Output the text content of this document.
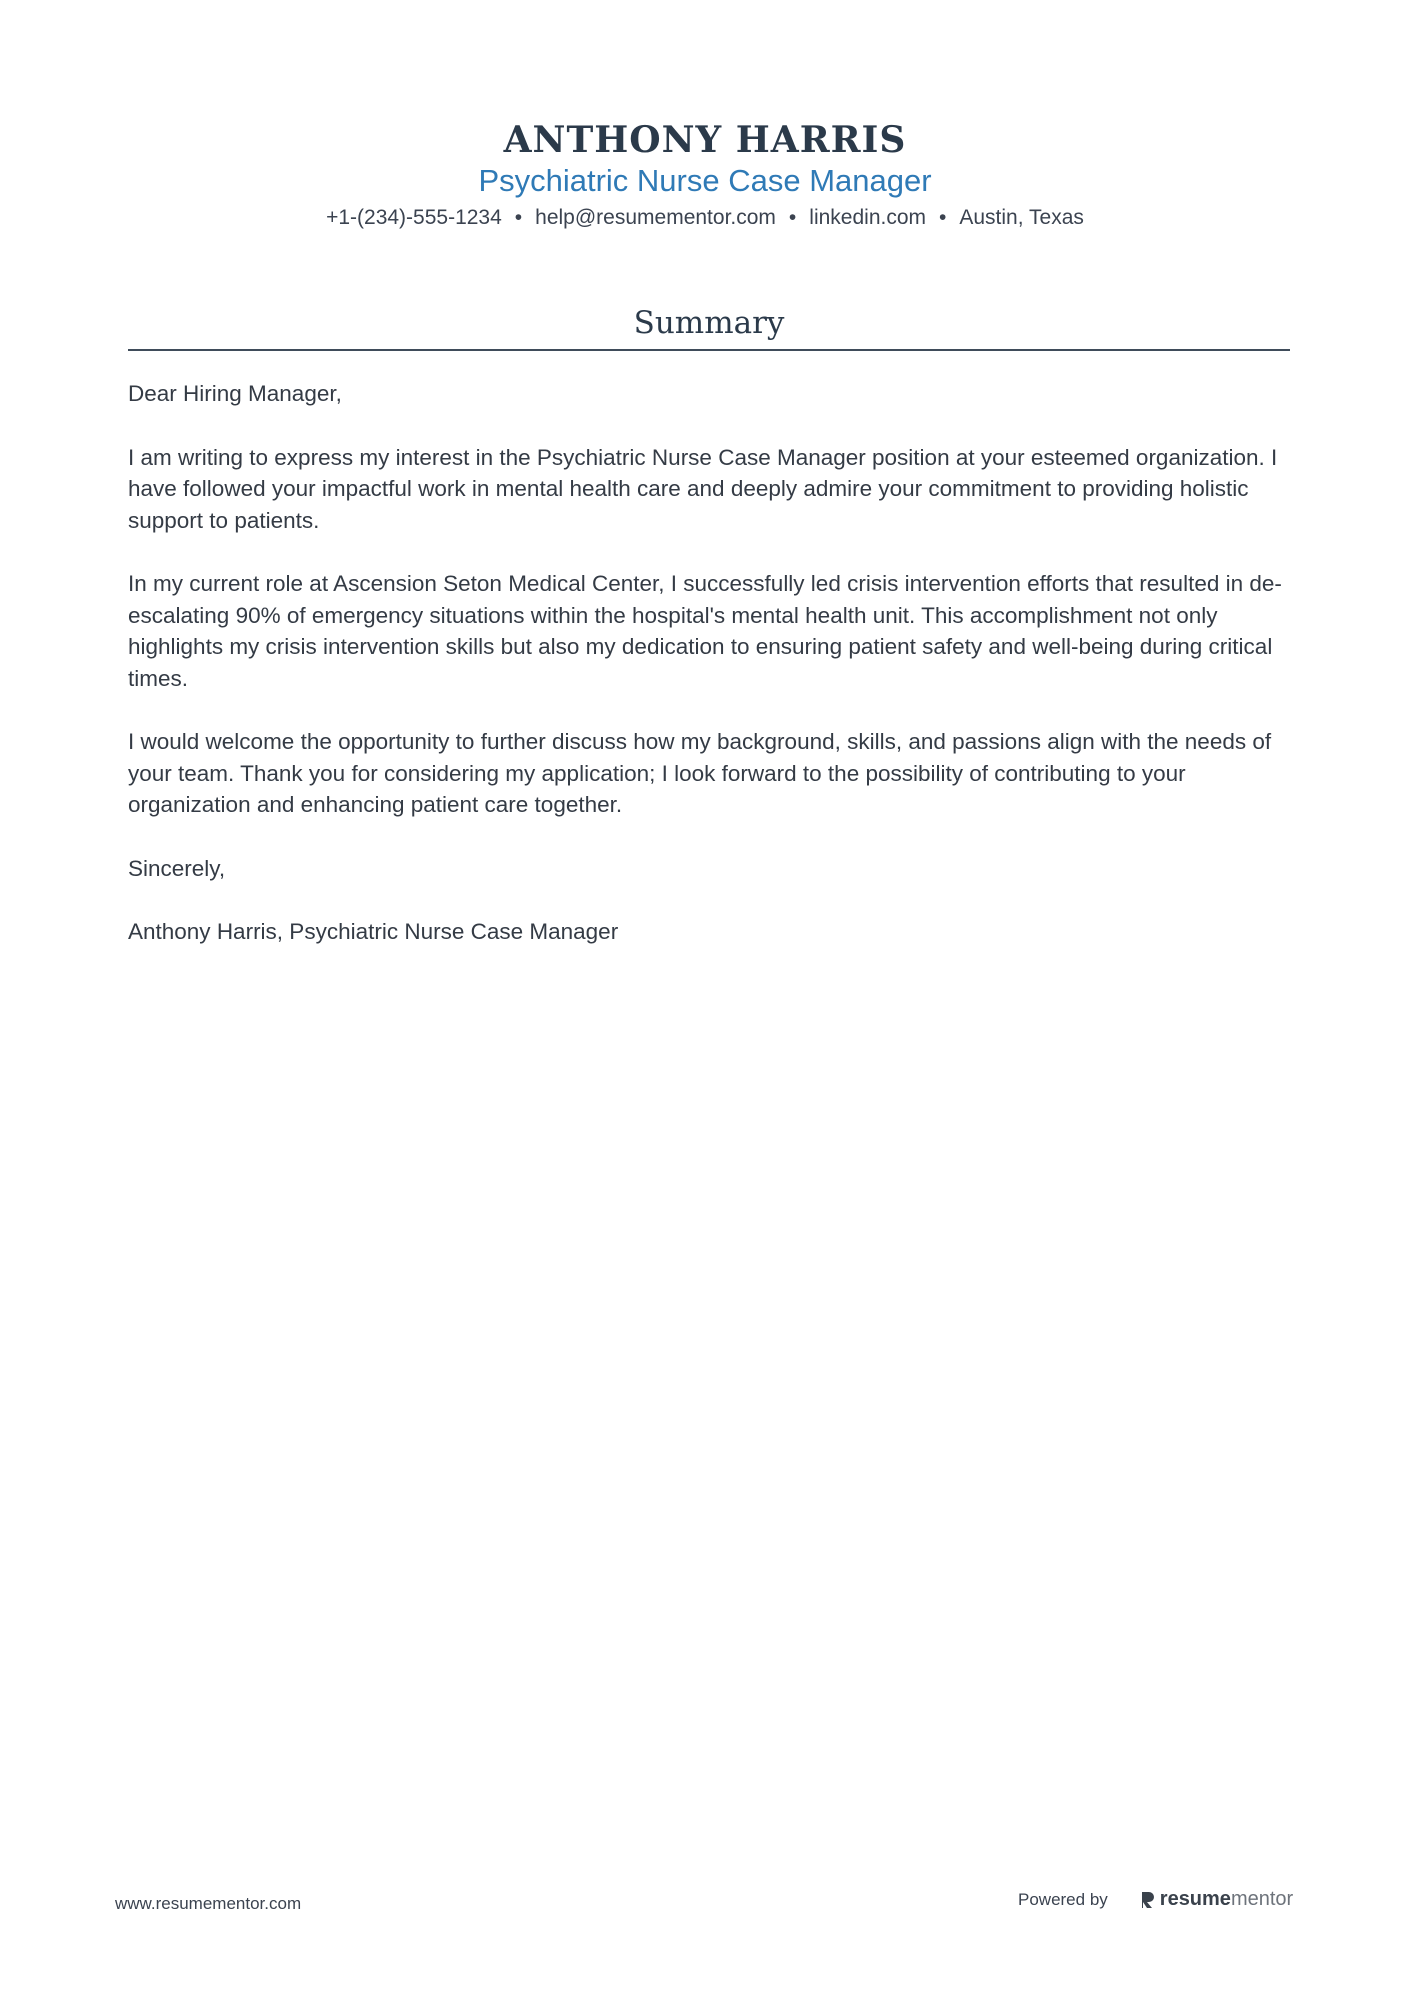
ANTHONY HARRIS
Psychiatric Nurse Case Manager
+1-(234)-555-1234 • help@resumementor.com • linkedin.com • Austin, Texas
Summary

Dear Hiring Manager,

I am writing to express my interest in the Psychiatric Nurse Case Manager position at your esteemed organization. I have followed your impactful work in mental health care and deeply admire your commitment to providing holistic support to patients.

In my current role at Ascension Seton Medical Center, I successfully led crisis intervention efforts that resulted in de-escalating 90% of emergency situations within the hospital's mental health unit. This accomplishment not only highlights my crisis intervention skills but also my dedication to ensuring patient safety and well-being during critical times.

I would welcome the opportunity to further discuss how my background, skills, and passions align with the needs of your team. Thank you for considering my application; I look forward to the possibility of contributing to your organization and enhancing patient care together.

Sincerely,

Anthony Harris, Psychiatric Nurse Case Manager

www.resumementor.com	Powered by	resume mentor
